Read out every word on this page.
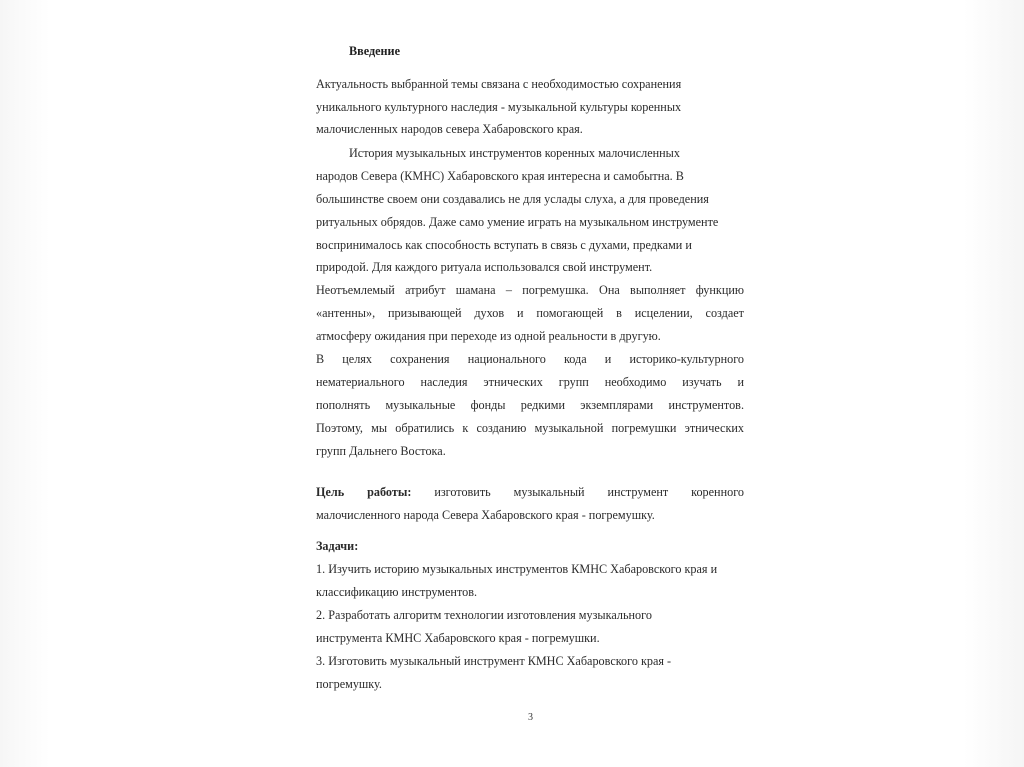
Введение
Актуальность выбранной темы связана с необходимостью сохранения
уникального культурного наследия - музыкальной культуры коренных
малочисленных народов севера Хабаровского края.
История музыкальных инструментов коренных малочисленных
народов Севера (КМНС) Хабаровского края интересна и самобытна. В
большинстве своем они создавались не для услады слуха, а для проведения
ритуальных обрядов. Даже само умение играть на музыкальном инструменте
воспринималось как способность вступать в связь с духами, предками и
природой. Для каждого ритуала использовался свой инструмент.
Неотъемлемый атрибут шамана – погремушка. Она выполняет функцию
«антенны», призывающей духов и помогающей в исцелении, создает
атмосферу ожидания при переходе из одной реальности в другую.
В целях сохранения национального кода и историко-культурного
нематериального наследия этнических групп необходимо изучать и
пополнять музыкальные фонды редкими экземплярами инструментов.
Поэтому, мы обратились к созданию музыкальной погремушки этнических
групп Дальнего Востока.
Цель работы: изготовить музыкальный инструмент коренного
малочисленного народа Севера Хабаровского края - погремушку.
Задачи:
1. Изучить историю музыкальных инструментов КМНС Хабаровского края и
классификацию инструментов.
2. Разработать алгоритм технологии изготовления музыкального
инструмента КМНС Хабаровского края - погремушки.
3. Изготовить музыкальный инструмент КМНС Хабаровского края -
погремушку.
3
